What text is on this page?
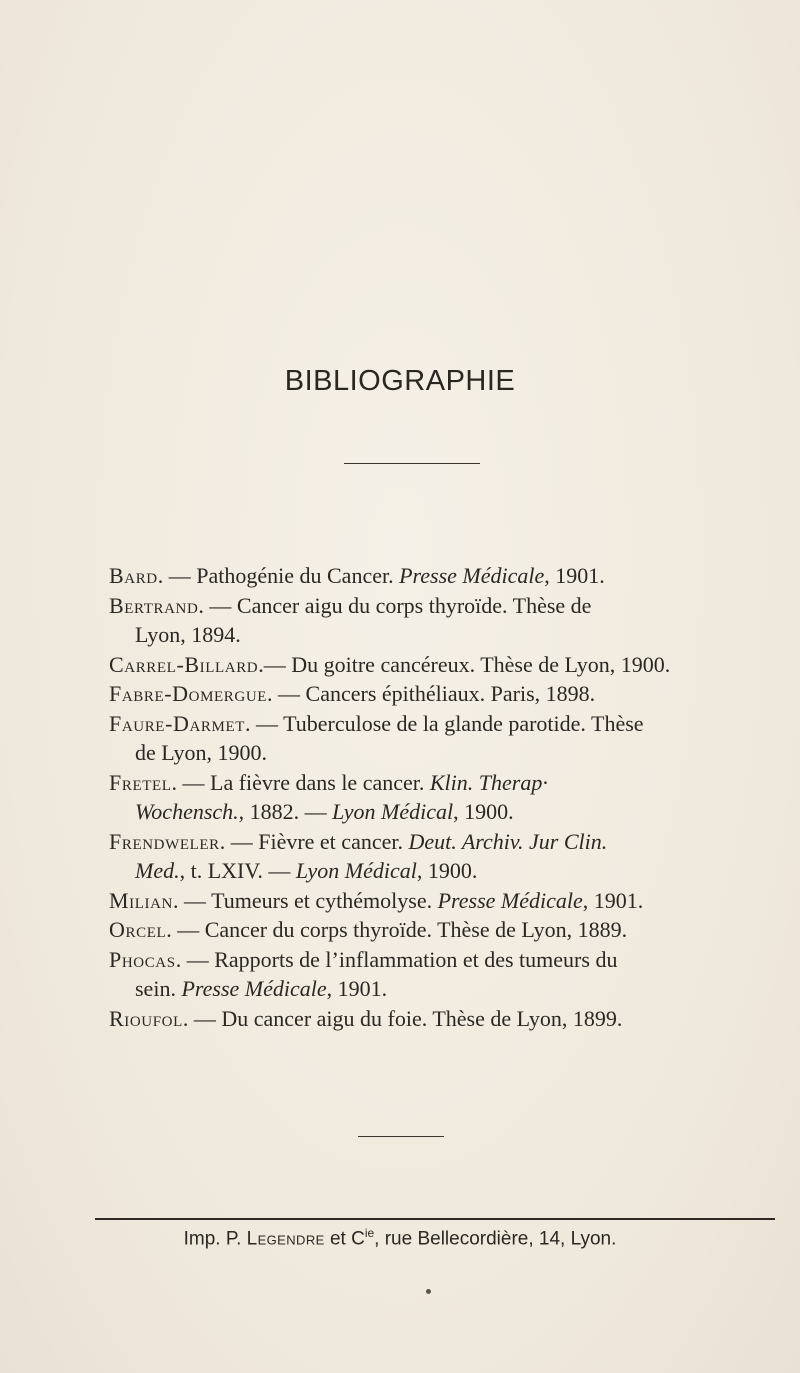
BIBLIOGRAPHIE
Bard. — Pathogénie du Cancer. Presse Médicale, 1901.
Bertrand. — Cancer aigu du corps thyroïde. Thèse de
Lyon, 1894.
Carrel-Billard.— Du goitre cancéreux. Thèse de Lyon, 1900.
Fabre-Domergue. — Cancers épithéliaux. Paris, 1898.
Faure-Darmet. — Tuberculose de la glande parotide. Thèse
de Lyon, 1900.
Fretel. — La fièvre dans le cancer. Klin. Therap·
Wochensch., 1882. — Lyon Médical, 1900.
Frendweler. — Fièvre et cancer. Deut. Archiv. Jur Clin.
Med., t. LXIV. — Lyon Médical, 1900.
Milian. — Tumeurs et cythémolyse. Presse Médicale, 1901.
Orcel. — Cancer du corps thyroïde. Thèse de Lyon, 1889.
Phocas. — Rapports de l’inflammation et des tumeurs du
sein. Presse Médicale, 1901.
Rioufol. — Du cancer aigu du foie. Thèse de Lyon, 1899.
Imp. P. Legendre et $C^{ie}$, rue Bellecordière, 14, Lyon.
